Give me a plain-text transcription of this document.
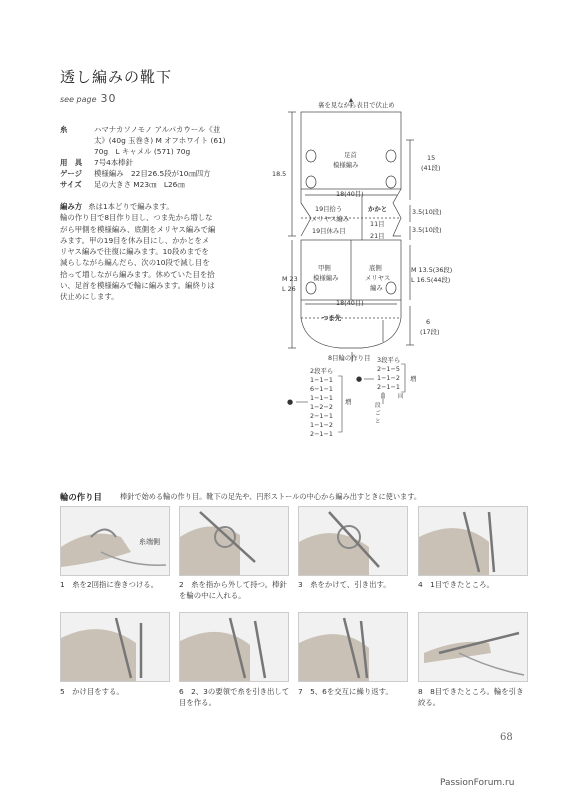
透し編みの靴下
see page 30
糸	ハマナカソノモノ アルパカウール《並
太》(40g 玉巻き) M オフホワイト (61)
70g　L キャメル (571) 70g
用　具 7号4本棒針
ゲージ 模様編み　22目26.5段が10㎝四方
サイズ 足の大きさ M23㎝　L26㎝
編み方 糸は1本どりで編みます。
輪の作り目で8目作り目し、つま先から増しな
がら甲側を模様編み、底側をメリヤス編みで編
みます。甲の19目を休み目にし、かかとをメ
リヤス編みで往復に編みます。10段めまでを
減らしながら編んだら、次の10段で減し目を
拾って増しながら編みます。休めていた目を拾
い、足首を模様編みで輪に編みます。編終りは
伏止めにします。
裏を見ながら表目で伏止め
足首
模様編み
18(40目)
19目拾う
メリヤス編み
かかと
11目
19目休み目
21目
甲側
模様編み
底側
メリヤス
編み
18(40目)
つま先
8目輪の作り目
18.5
15
(41段)
3.5(10段)
3.5(10段)
M 23
L 26
M 13.5(36段)
L 16.5(44段)
6
(17段)
2段平ら
1−1−1
6−1−1
1−1−1
1−2−2
2−1−1
1−1−2
2−1−1
●	増
3段平ら
2−1−5
1−1−2
2−1−1
●	増
目 回
段
ご
と
輪の作り目	棒針で始める輪の作り目。靴下の足先や、円形ストールの中心から編み出すときに使います。
糸端側
1　糸を2回指に巻きつける。	2　糸を指から外して持つ。棒針を輪の中に入れる。
3　糸をかけて、引き出す。	4　1目できたところ。
5　かけ目をする。	6　2、3の要領で糸を引き出して目を作る。
7　5、6を交互に繰り返す。	8　8目できたところ。輪を引き絞る。
68
PassionForum.ru
